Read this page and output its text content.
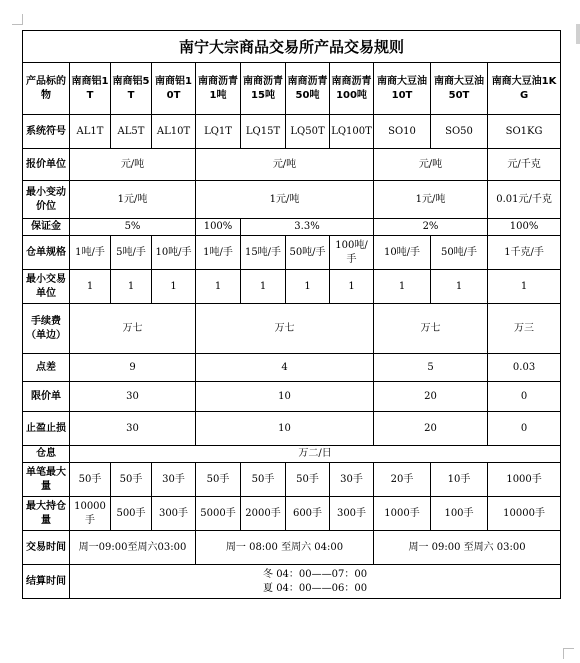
南宁大宗商品交易所产品交易规则										
产品标的物	南商铝1T	南商铝5T	南商铝10T	南商沥青1吨	南商沥青15吨	南商沥青50吨	南商沥青100吨	南商大豆油10T	南商大豆油50T	南商大豆油1KG
系统符号	AL1T	AL5T	AL10T	LQ1T	LQ15T	LQ50T	LQ100T	SO10	SO50	SO1KG
报价单位	元/吨			元/吨				元/吨		元/千克
最小变动价位	1元/吨			1元/吨				1元/吨		0.01元/千克
保证金	5%			100%	3.3%			2%		100%
仓单规格	1吨/手	5吨/手	10吨/手	1吨/手	15吨/手	50吨/手	100吨/手	10吨/手	50吨/手	1千克/手
最小交易单位	1	1	1	1	1	1	1	1	1	1
手续费（单边）	万七			万七				万七		万三
点差	9			4				5		0.03
限价单	30			10				20		0
止盈止损	30			10				20		0
仓息	万二/日									
单笔最大量	50手	50手	30手	50手	50手	50手	30手	20手	10手	1000手
最大持仓量	10000手	500手	300手	5000手	2000手	600手	300手	1000手	100手	10000手
交易时间	周一09:00至周六03:00			周一 08:00 至周六 04:00				周一 09:00 至周六 03:00		
结算时间	冬 04：00——07：00
夏 04：00——06：00									
